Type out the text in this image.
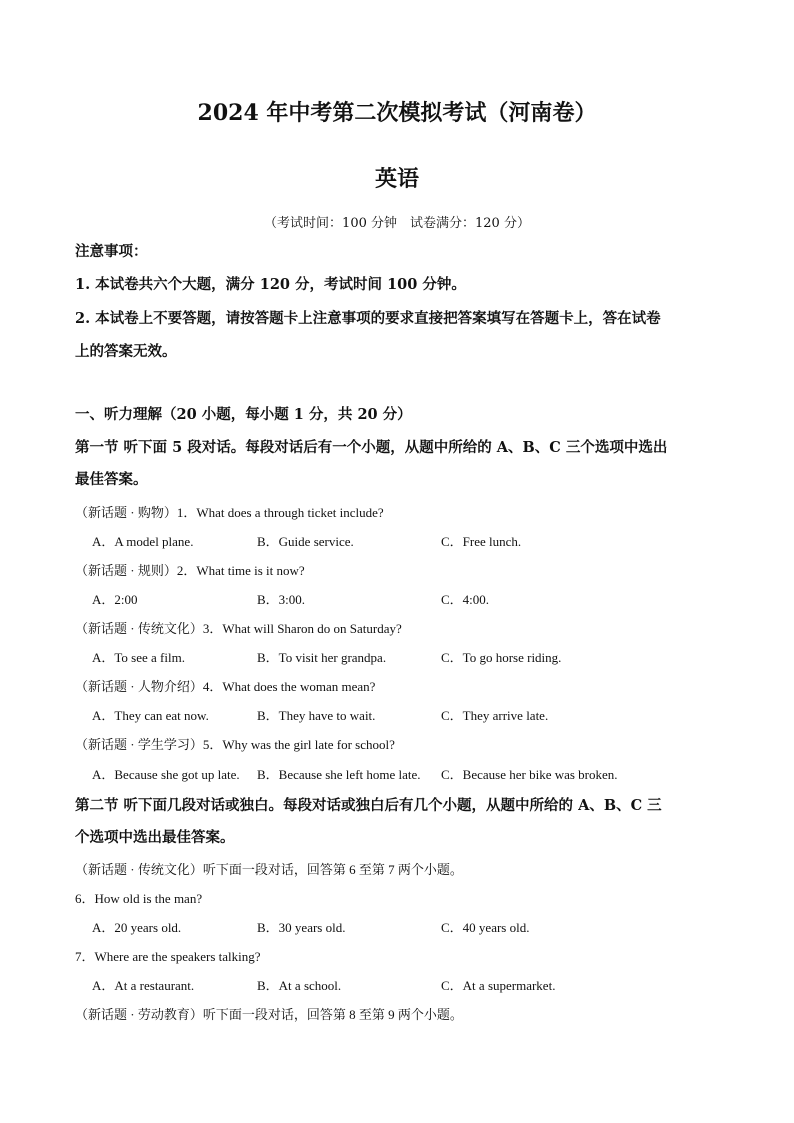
2024 年中考第二次模拟考试（河南卷）
英语
（考试时间：100 分钟　试卷满分：120 分）
注意事项：
1. 本试卷共六个大题，满分 120 分，考试时间 100 分钟。
2. 本试卷上不要答题，请按答题卡上注意事项的要求直接把答案填写在答题卡上，答在试卷
上的答案无效。
一、听力理解（20 小题，每小题 1 分，共 20 分）
第一节 听下面 5 段对话。每段对话后有一个小题，从题中所给的 A、B、C 三个选项中选出
最佳答案。
（新话题 · 购物）1．What does a through ticket include?
A．A model plane.	B．Guide service.	C．Free lunch.
（新话题 · 规则）2．What time is it now?
A．2:00	B．3:00.	C．4:00.
（新话题 · 传统文化）3．What will Sharon do on Saturday?
A．To see a film.	B．To visit her grandpa.	C．To go horse riding.
（新话题 · 人物介绍）4．What does the woman mean?
A．They can eat now.	B．They have to wait.	C．They arrive late.
（新话题 · 学生学习）5．Why was the girl late for school?
A．Because she got up late. B．Because she left home late. C．Because her bike was broken.
第二节 听下面几段对话或独白。每段对话或独白后有几个小题，从题中所给的 A、B、C 三
个选项中选出最佳答案。
（新话题 · 传统文化）听下面一段对话，回答第 6 至第 7 两个小题。
6．How old is the man?
A．20 years old.	B．30 years old.	C．40 years old.
7．Where are the speakers talking?
A．At a restaurant.	B．At a school.	C．At a supermarket.
（新话题 · 劳动教育）听下面一段对话，回答第 8 至第 9 两个小题。
